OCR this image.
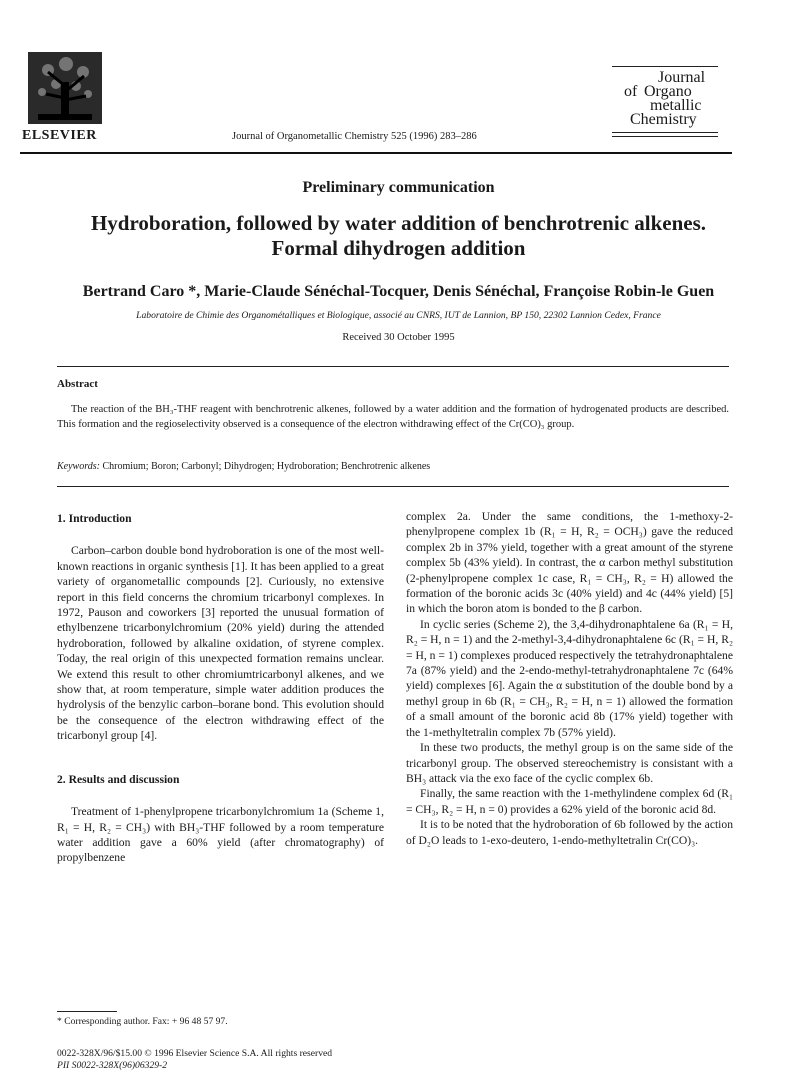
ELSEVIER	Journal of Organometallic Chemistry 525 (1996) 283–286
Journal
of Organo
metallic
Chemistry
Preliminary communication
Hydroboration, followed by water addition of benchrotrenic alkenes.
Formal dihydrogen addition
Bertrand Caro *, Marie-Claude Sénéchal-Tocquer, Denis Sénéchal, Françoise Robin-le Guen
Laboratoire de Chimie des Organométalliques et Biologique, associé au CNRS, IUT de Lannion, BP 150, 22302 Lannion Cedex, France
Received 30 October 1995
Abstract
The reaction of the BH₃-THF reagent with benchrotrenic alkenes, followed by a water addition and the formation of hydrogenated products are described. This formation and the regioselectivity observed is a consequence of the electron withdrawing effect of the Cr(CO)₃ group.
Keywords: Chromium; Boron; Carbonyl; Dihydrogen; Hydroboration; Benchrotrenic alkenes
1. Introduction

Carbon–carbon double bond hydroboration is one of the most well-known reactions in organic synthesis [1]. It has been applied to a great variety of organometallic compounds [2]. Curiously, no extensive report in this field concerns the chromium tricarbonyl complexes. In 1972, Pauson and coworkers [3] reported the unusual formation of ethylbenzene tricarbonylchromium (20% yield) during the attended hydroboration, followed by alkaline oxidation, of styrene complex. Today, the real origin of this unexpected formation remains unclear. We extend this result to other chromiumtricarbonyl alkenes, and we show that, at room temperature, simple water addition produces the hydrolysis of the benzylic carbon–borane bond. This evolution should be the consequence of the electron withdrawing effect of the tricarbonyl group [4].

2. Results and discussion

Treatment of 1-phenylpropene tricarbonylchromium 1a (Scheme 1, R₁ = H, R₂ = CH₃) with BH₃-THF followed by a room temperature water addition gave a 60% yield (after chromatography) of propylbenzene

complex 2a. Under the same conditions, the 1-methoxy-2-phenylpropene complex 1b (R₁ = H, R₂ = OCH₃) gave the reduced complex 2b in 37% yield, together with a great amount of the styrene complex 5b (43% yield). In contrast, the α carbon methyl substitution (2-phenylpropene complex 1c case, R₁ = CH₃, R₂ = H) allowed the formation of the boronic acids 3c (40% yield) and 4c (44% yield) [5] in which the boron atom is bonded to the β carbon.

In cyclic series (Scheme 2), the 3,4-dihydronaphtalene 6a (R₁ = H, R₂ = H, n = 1) and the 2-methyl-3,4-dihydronaphtalene 6c (R₁ = H, R₂ = H, n = 1) complexes produced respectively the tetrahydronaphtalene 7a (87% yield) and the 2-endo-methyl-tetrahydronaphtalene 7c (64% yield) complexes [6]. Again the α substitution of the double bond by a methyl group in 6b (R₁ = CH₃, R₂ = H, n = 1) allowed the formation of a small amount of the boronic acid 8b (17% yield) together with the 1-methyltetralin complex 7b (57% yield).

In these two products, the methyl group is on the same side of the tricarbonyl group. The observed stereochemistry is consistant with a BH₃ attack via the exo face of the cyclic complex 6b.

Finally, the same reaction with the 1-methylindene complex 6d (R₁ = CH₃, R₂ = H, n = 0) provides a 62% yield of the boronic acid 8d.

It is to be noted that the hydroboration of 6b followed by the action of D₂O leads to 1-exo-deutero, 1-endo-methyltetralin Cr(CO)₃.

* Corresponding author. Fax: + 96 48 57 97.
0022-328X/96/$15.00 © 1996 Elsevier Science S.A. All rights reserved
PII S0022-328X(96)06329-2
